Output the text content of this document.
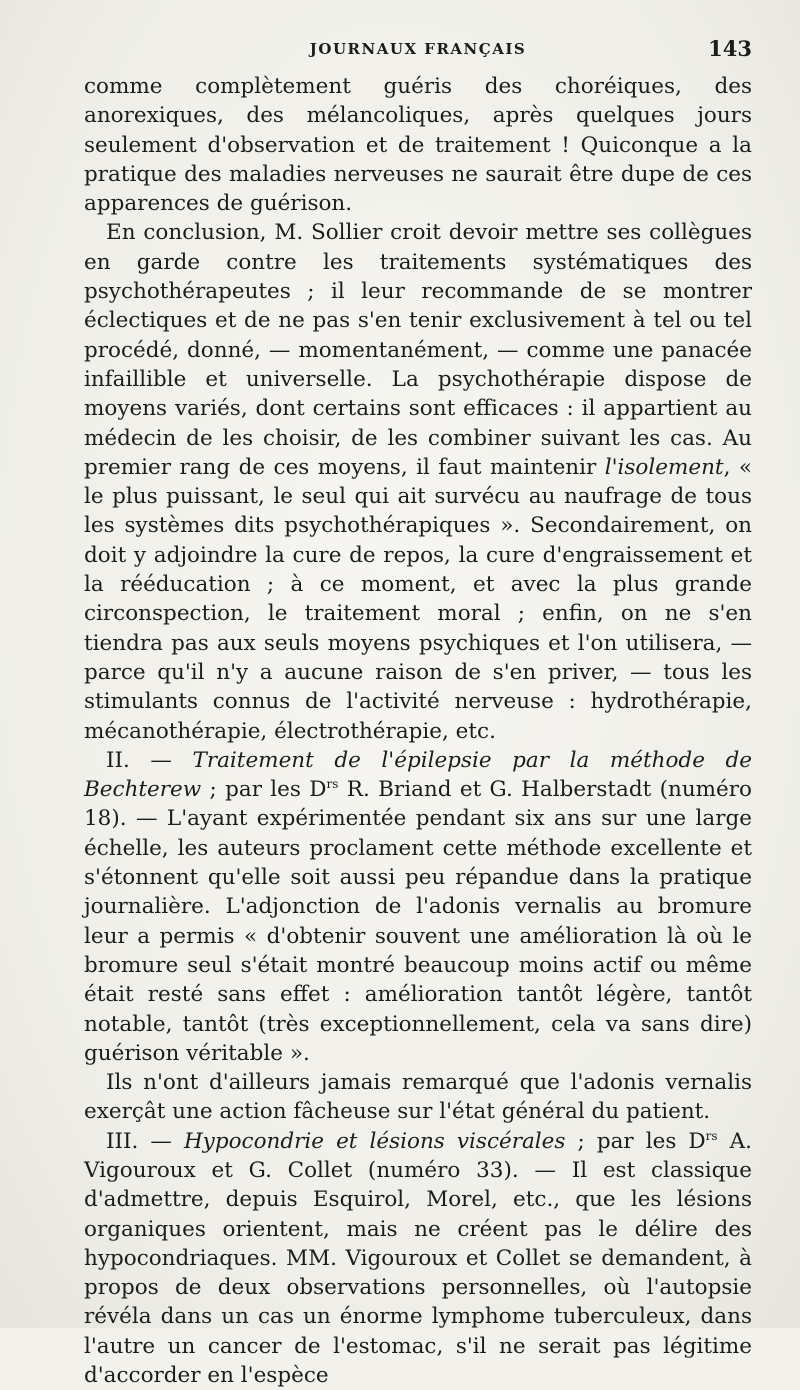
JOURNAUX FRANÇAIS	143

comme complètement guéris des choréiques, des anorexiques, des mélancoliques, après quelques jours seulement d'observation et de traitement ! Quiconque a la pratique des maladies nerveuses ne saurait être dupe de ces apparences de guérison.

En conclusion, M. Sollier croit devoir mettre ses collègues en garde contre les traitements systématiques des psychothérapeutes ; il leur recommande de se montrer éclectiques et de ne pas s'en tenir exclusivement à tel ou tel procédé, donné, — momentanément, — comme une panacée infaillible et universelle. La psychothérapie dispose de moyens variés, dont certains sont efficaces : il appartient au médecin de les choisir, de les combiner suivant les cas. Au premier rang de ces moyens, il faut maintenir l'isolement, « le plus puissant, le seul qui ait survécu au naufrage de tous les systèmes dits psychothérapiques ». Secondairement, on doit y adjoindre la cure de repos, la cure d'engraissement et la rééducation ; à ce moment, et avec la plus grande circonspection, le traitement moral ; enfin, on ne s'en tiendra pas aux seuls moyens psychiques et l'on utilisera, — parce qu'il n'y a aucune raison de s'en priver, — tous les stimulants connus de l'activité nerveuse : hydrothérapie, mécanothérapie, électrothérapie, etc.

II. — Traitement de l'épilepsie par la méthode de Bechterew ; par les $D^{rs}$ R. Briand et G. Halberstadt (numéro 18). — L'ayant expérimentée pendant six ans sur une large échelle, les auteurs proclament cette méthode excellente et s'étonnent qu'elle soit aussi peu répandue dans la pratique journalière. L'adjonction de l'adonis vernalis au bromure leur a permis « d'obtenir souvent une amélioration là où le bromure seul s'était montré beaucoup moins actif ou même était resté sans effet : amélioration tantôt légère, tantôt notable, tantôt (très exceptionnellement, cela va sans dire) guérison véritable ».

Ils n'ont d'ailleurs jamais remarqué que l'adonis vernalis exerçât une action fâcheuse sur l'état général du patient.

III. — Hypocondrie et lésions viscérales ; par les $D^{rs}$ A. Vigouroux et G. Collet (numéro 33). — Il est classique d'admettre, depuis Esquirol, Morel, etc., que les lésions organiques orientent, mais ne créent pas le délire des hypocondriaques. MM. Vigouroux et Collet se demandent, à propos de deux observations personnelles, où l'autopsie révéla dans un cas un énorme lymphome tuberculeux, dans l'autre un cancer de l'estomac, s'il ne serait pas légitime d'accorder en l'espèce
